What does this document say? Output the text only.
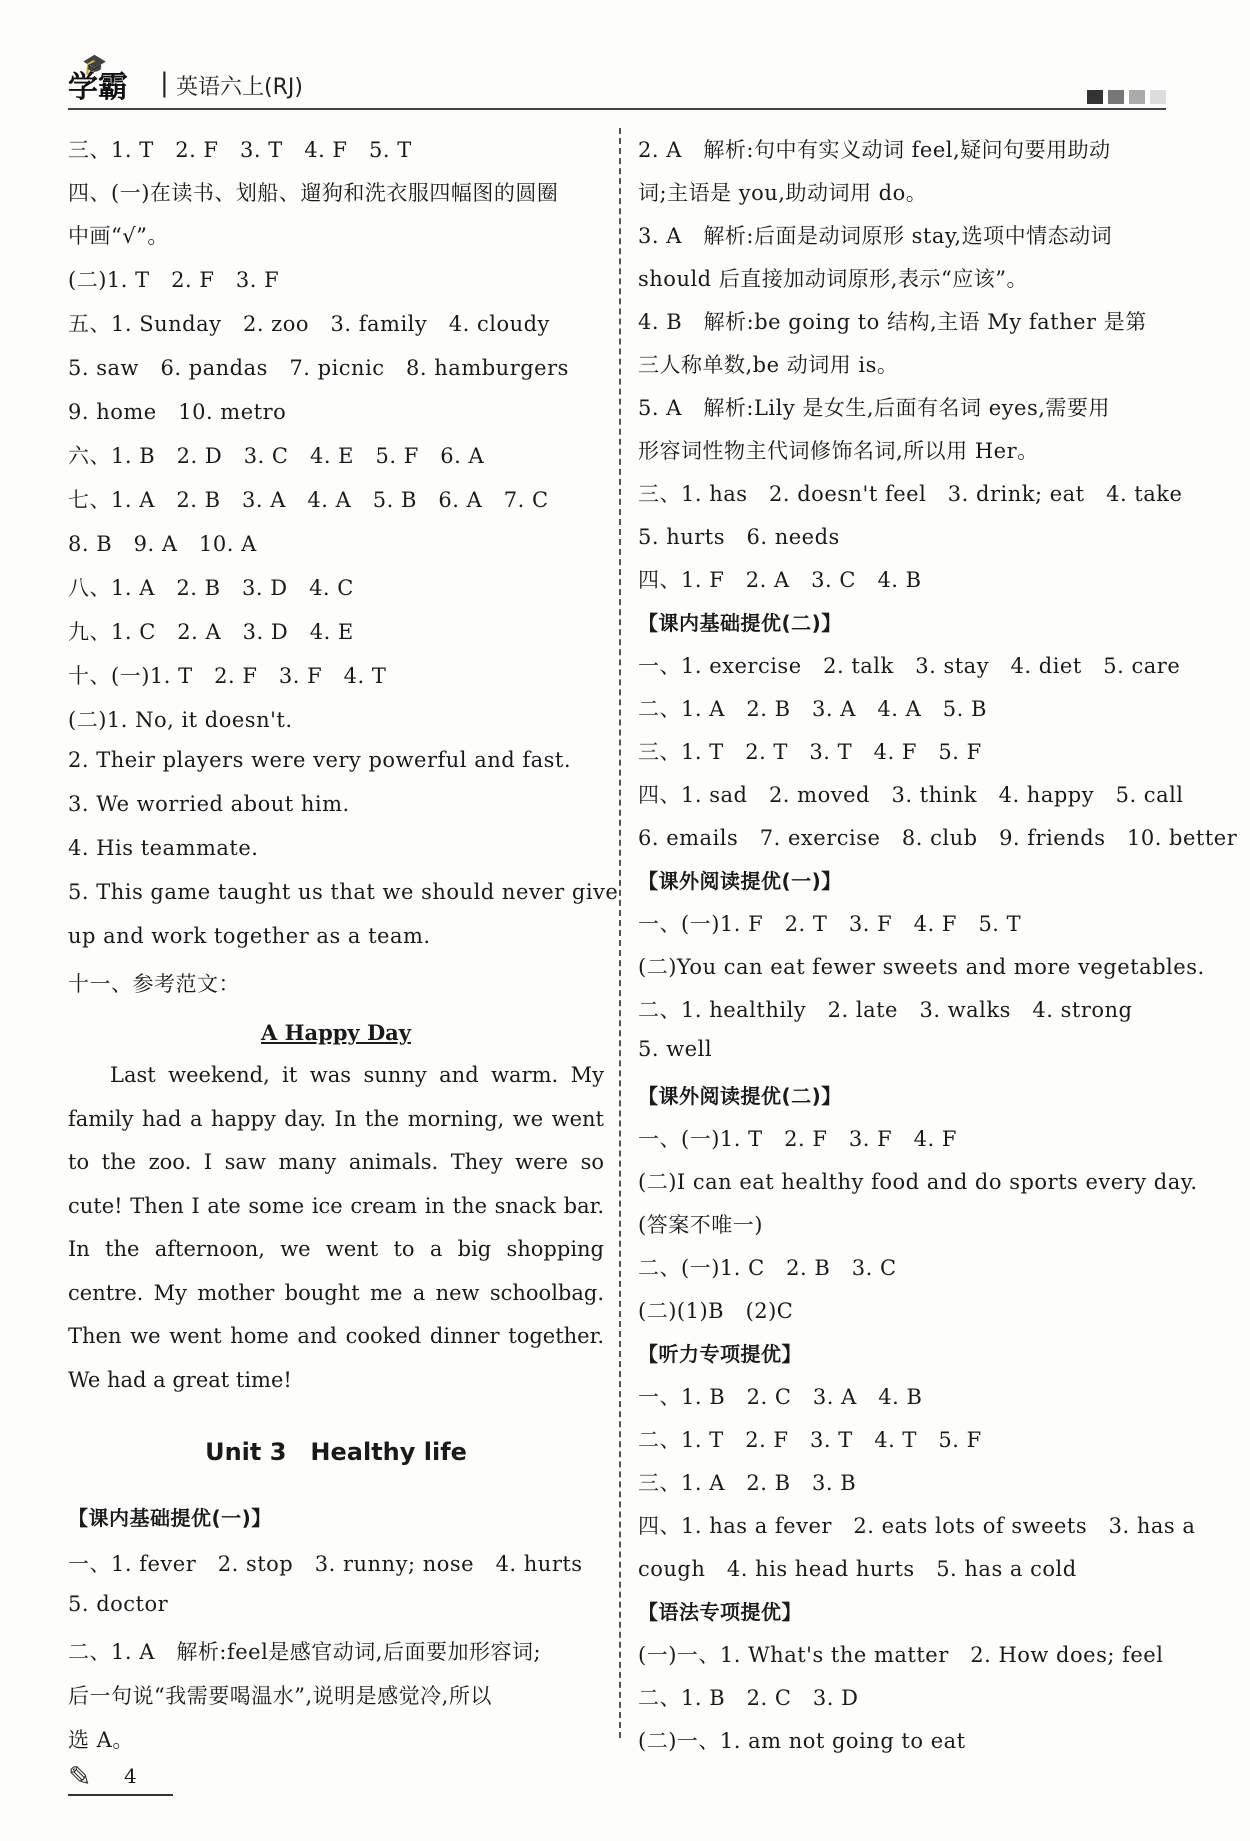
🎓
学霸 | 英语六上(RJ)
三、1. T　2. F　3. T　4. F　5. T
四、(一)在读书、划船、遛狗和洗衣服四幅图的圆圈
中画“√”。
(二)1. T　2. F　3. F
五、1. Sunday　2. zoo　3. family　4. cloudy
5. saw　6. pandas　7. picnic　8. hamburgers
9. home　10. metro
六、1. B　2. D　3. C　4. E　5. F　6. A
七、1. A　2. B　3. A　4. A　5. B　6. A　7. C
8. B　9. A　10. A
八、1. A　2. B　3. D　4. C
九、1. C　2. A　3. D　4. E
十、(一)1. T　2. F　3. F　4. T
(二)1. No, it doesn't.
2. Their players were very powerful and fast.
3. We worried about him.
4. His teammate.
5. This game taught us that we should never give
up and work together as a team.
十一、参考范文：
A Happy Day
Last weekend, it was sunny and warm. My family had a happy day. In the morning, we went to the zoo. I saw many animals. They were so cute! Then I ate some ice cream in the snack bar. In the afternoon, we went to a big shopping centre. My mother bought me a new schoolbag. Then we went home and cooked dinner together. We had a great time!
Unit 3　Healthy life
【课内基础提优(一)】
一、1. fever　2. stop　3. runny; nose　4. hurts
5. doctor
二、1. A　解析:feel是感官动词,后面要加形容词;
后一句说“我需要喝温水”,说明是感觉冷,所以
选 A。
2. A　解析:句中有实义动词 feel,疑问句要用助动
词;主语是 you,助动词用 do。
3. A　解析:后面是动词原形 stay,选项中情态动词
should 后直接加动词原形,表示“应该”。
4. B　解析:be going to 结构,主语 My father 是第
三人称单数,be 动词用 is。
5. A　解析:Lily 是女生,后面有名词 eyes,需要用
形容词性物主代词修饰名词,所以用 Her。
三、1. has　2. doesn't feel　3. drink; eat　4. take
5. hurts　6. needs
四、1. F　2. A　3. C　4. B
【课内基础提优(二)】
一、1. exercise　2. talk　3. stay　4. diet　5. care
二、1. A　2. B　3. A　4. A　5. B
三、1. T　2. T　3. T　4. F　5. F
四、1. sad　2. moved　3. think　4. happy　5. call
6. emails　7. exercise　8. club　9. friends　10. better
【课外阅读提优(一)】
一、(一)1. F　2. T　3. F　4. F　5. T
(二)You can eat fewer sweets and more vegetables.
二、1. healthily　2. late　3. walks　4. strong
5. well
【课外阅读提优(二)】
一、(一)1. T　2. F　3. F　4. F
(二)I can eat healthy food and do sports every day.
(答案不唯一)
二、(一)1. C　2. B　3. C
(二)(1)B　(2)C
【听力专项提优】
一、1. B　2. C　3. A　4. B
二、1. T　2. F　3. T　4. T　5. F
三、1. A　2. B　3. B
四、1. has a fever　2. eats lots of sweets　3. has a
cough　4. his head hurts　5. has a cold
【语法专项提优】
(一)一、1. What's the matter　2. How does; feel
二、1. B　2. C　3. D
(二)一、1. am not going to eat
✎ 4
